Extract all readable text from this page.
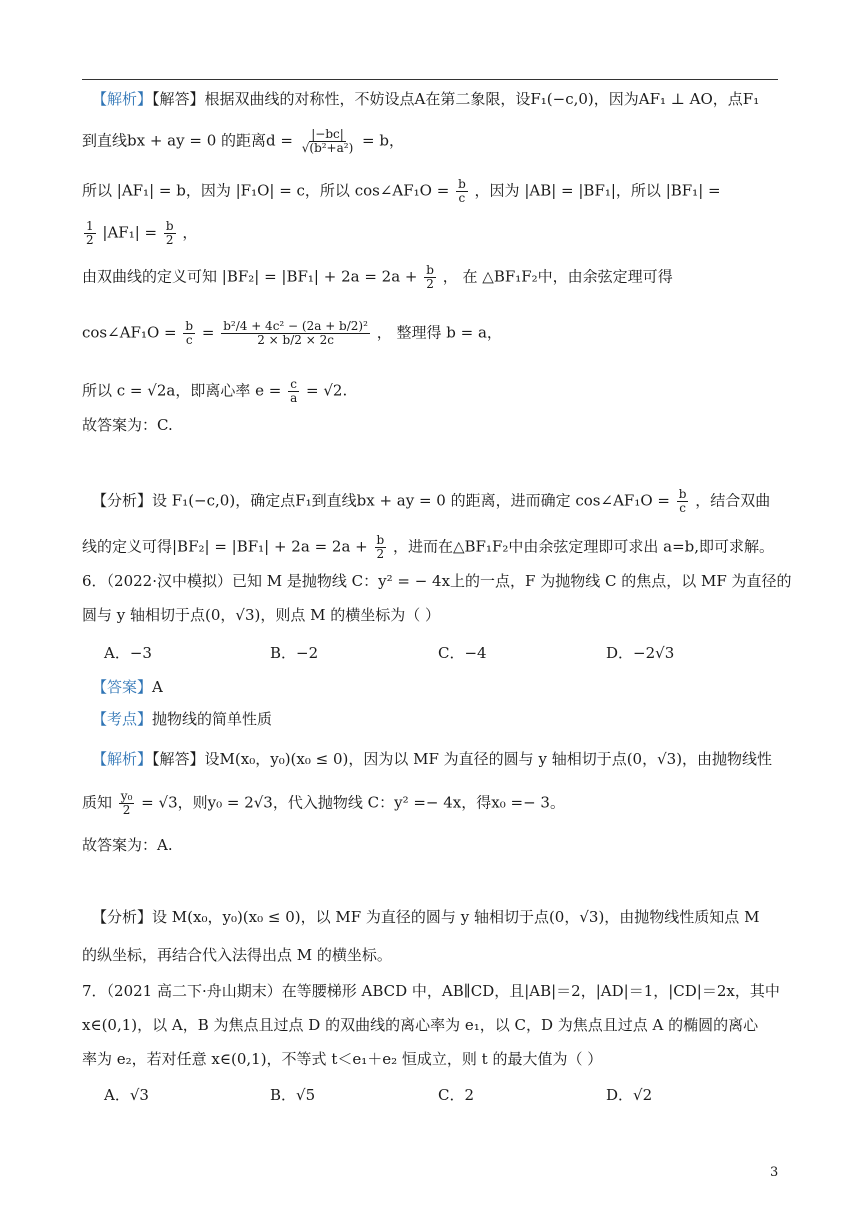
【解析】【解答】根据双曲线的对称性，不妨设点A在第二象限，设F₁(−c,0)，因为AF₁ ⊥ AO，点F₁
到直线bx + ay = 0 的距离$d = \frac{|-bc|}{\text{√(b²+a²)}} = b$，
所以 |AF₁| = b，因为 |F₁O| = c，所以 cos∠AF₁O = $\frac{b}{c}$ ，因为 |AB| = |BF₁|，所以 |BF₁| =
$\frac{1}{2} |AF_1| = \frac{b}{2}$ ，
由双曲线的定义可知 $|BF_2| = |BF_1| + 2a = 2a + \frac{b}{2}$ ， 在 △BF₁F₂中，由余弦定理可得
cos∠AF₁O = $\frac{b}{c} = \frac{\text{b²/4 + 4c² − (2a + b/2)²}}{2 \times b/2 \times 2c}$ ， 整理得 b = a，
所以 c = √2a，即离心率 $e = \frac{c}{a} = √2$.
故答案为：C.
【分析】设 F₁(−c,0)，确定点F₁到直线bx + ay = 0 的距离，进而确定 cos∠AF₁O = $\frac{b}{c}$ ，结合双曲
线的定义可得$|BF_2| = |BF_1| + 2a = 2a + \frac{b}{2}$ ，进而在△BF₁F₂中由余弦定理即可求出 a=b,即可求解。
6．（2022·汉中模拟）已知 M 是抛物线 C：y² = − 4x上的一点，F 为抛物线 C 的焦点，以 MF 为直径的
圆与 y 轴相切于点(0，√3)，则点 M 的横坐标为（ ）
A．−3	B．−2	C．−4	D．−2√3
【答案】A
【考点】抛物线的简单性质
【解析】【解答】设M(x₀，y₀)(x₀ ≤ 0)，因为以 MF 为直径的圆与 y 轴相切于点(0，√3)，由抛物线性
质知 $\frac{\text{y₀}}{2} = √3$，则y₀ = 2√3，代入抛物线 C：y² =− 4x，得x₀ =− 3。
故答案为：A.
【分析】设 M(x₀，y₀)(x₀ ≤ 0)，以 MF 为直径的圆与 y 轴相切于点(0，√3)，由抛物线性质知点 M
的纵坐标，再结合代入法得出点 M 的横坐标。
7．（2021 高二下·舟山期末）在等腰梯形 ABCD 中，AB∥CD，且|AB|＝2，|AD|＝1，|CD|＝2x，其中
x∈(0,1)，以 A，B 为焦点且过点 D 的双曲线的离心率为 e₁，以 C，D 为焦点且过点 A 的椭圆的离心
率为 e₂，若对任意 x∈(0,1)，不等式 t＜e₁＋e₂ 恒成立，则 t 的最大值为（ ）
A．√3	B．√5	C．2	D．√2
3
